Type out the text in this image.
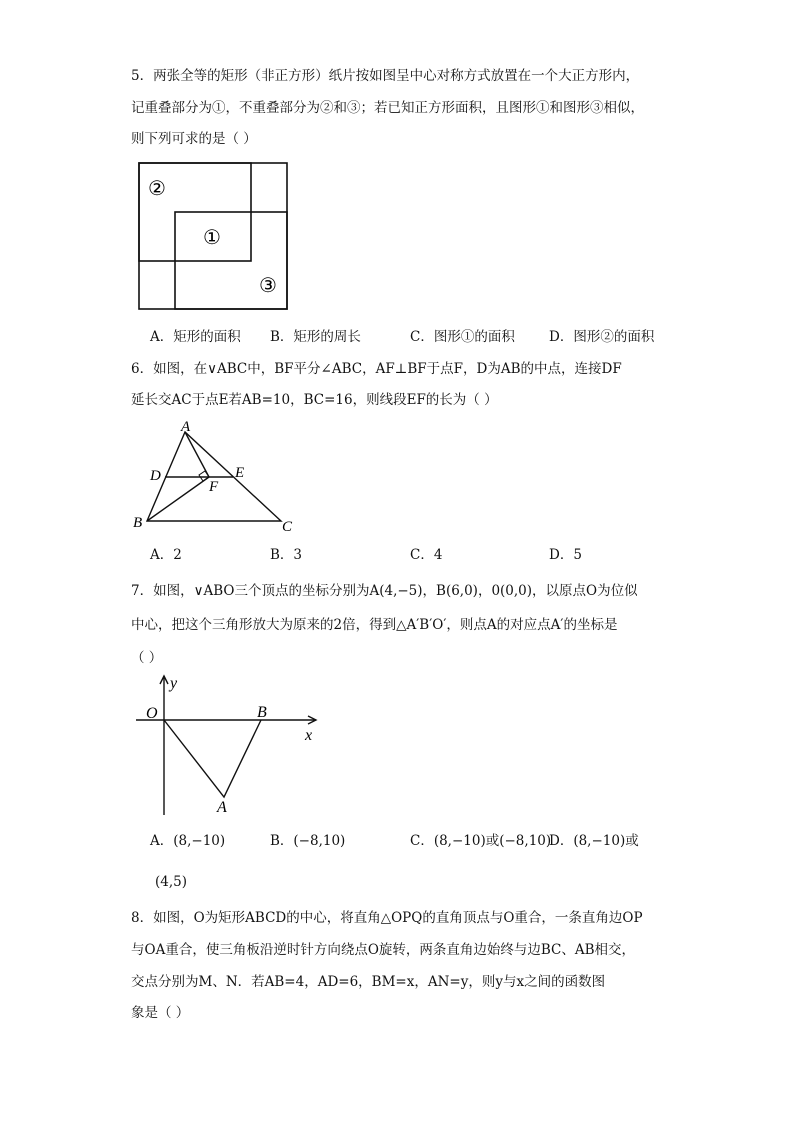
5．两张全等的矩形（非正方形）纸片按如图呈中心对称方式放置在一个大正方形内，
记重叠部分为①，不重叠部分为②和③；若已知正方形面积，且图形①和图形③相似，
则下列可求的是（ ）
②
①
③
A．矩形的面积 B．矩形的周长	C．图形①的面积	D．图形②的面积
6．如图，在∨ABC中，BF平分∠ABC，AF⊥BF于点F，D为AB的中点，连接DF
延长交AC于点E若AB=10，BC=16，则线段EF的长为（ ）
A
D	E
F
B	C
A．2	B．3	C．4	D．5
7．如图，∨ABO三个顶点的坐标分别为A(4,−5)，B(6,0)，0(0,0)，以原点O为位似
中心，把这个三角形放大为原来的2倍，得到△A′B′O′，则点A的对应点A′的坐标是
（ ）
y
O	B
x
A
A．(8,−10)	B．(−8,10)	C．(8,−10)或(−8,10)
D．(8,−10)或
(4,5)
8．如图，O为矩形ABCD的中心，将直角△OPQ的直角顶点与O重合，一条直角边OP
与OA重合，使三角板沿逆时针方向绕点O旋转，两条直角边始终与边BC、AB相交，
交点分别为M、N．若AB=4，AD=6，BM=x，AN=y，则y与x之间的函数图
象是（ ）
